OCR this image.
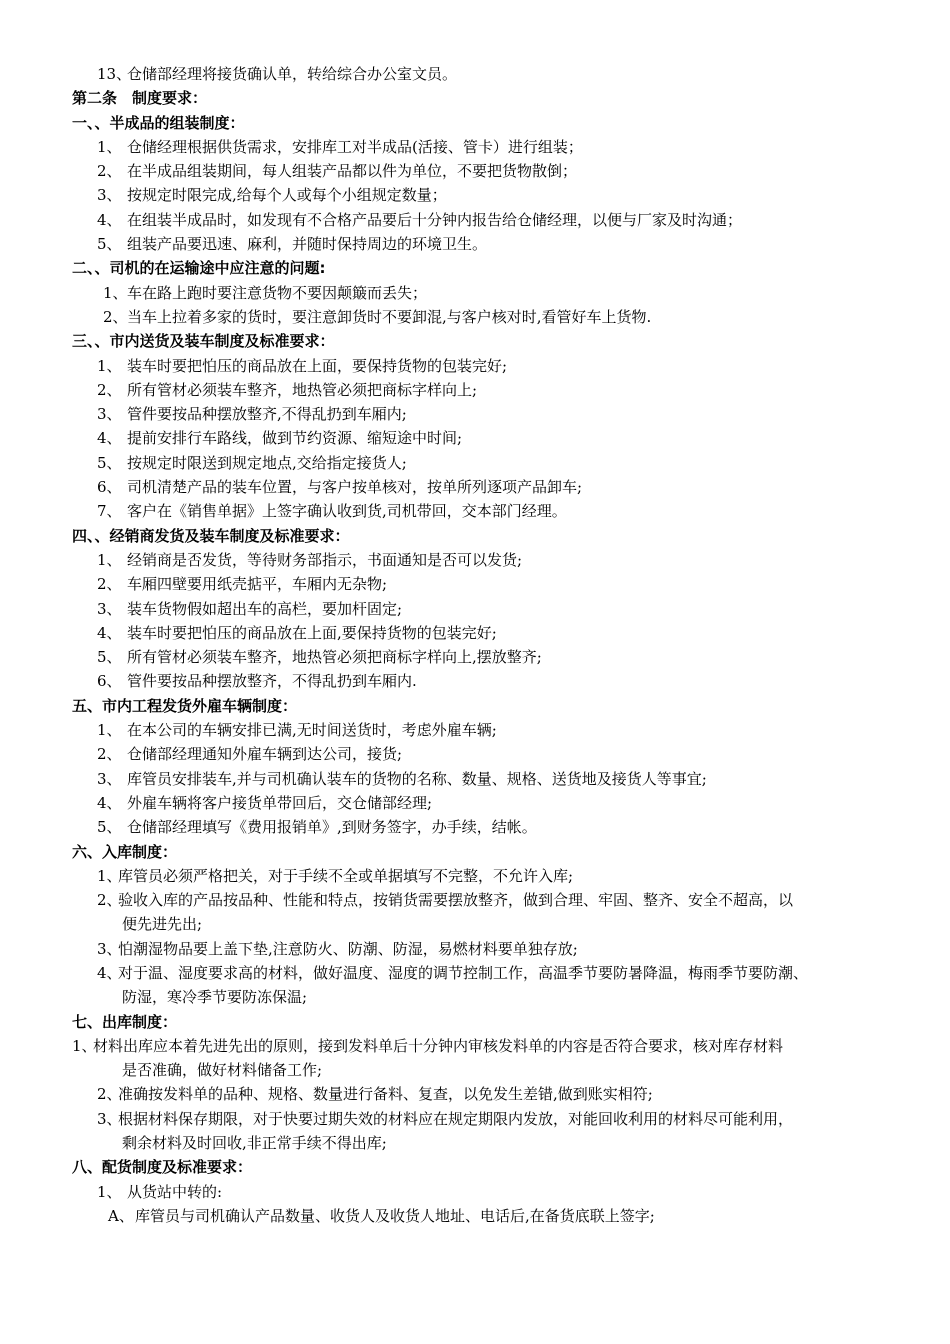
13、
仓储部经理将接货确认单，转给综合办公室文员。
第二条　制度要求：
一、、半成品的组装制度：
1、 仓储经理根据供货需求，安排库工对半成品(活接、管卡）进行组装；
2、 在半成品组装期间，每人组装产品都以件为单位，不要把货物散倒；
3、 按规定时限完成,给每个人或每个小组规定数量；
4、 在组装半成品时，如发现有不合格产品要后十分钟内报告给仓储经理，以便与厂家及时沟通；
5、 组装产品要迅速、麻利，并随时保持周边的环境卫生。
二、、司机的在运输途中应注意的问题:
1、 车在路上跑时要注意货物不要因颠簸而丢失；
2、 当车上拉着多家的货时，要注意卸货时不要卸混,与客户核对时,看管好车上货物.
三、、市内送货及装车制度及标准要求：
1、 装车时要把怕压的商品放在上面，要保持货物的包装完好;
2、 所有管材必须装车整齐，地热管必须把商标字样向上;
3、 管件要按品种摆放整齐,不得乱扔到车厢内;
4、 提前安排行车路线，做到节约资源、缩短途中时间;
5、 按规定时限送到规定地点,交给指定接货人;
6、 司机清楚产品的装车位置，与客户按单核对，按单所列逐项产品卸车;
7、 客户在《销售单据》上签字确认收到货,司机带回，交本部门经理。
四、、经销商发货及装车制度及标准要求：
1、 经销商是否发货，等待财务部指示，书面通知是否可以发货;
2、 车厢四壁要用纸壳掂平，车厢内无杂物;
3、 装车货物假如超出车的高栏，要加杆固定;
4、 装车时要把怕压的商品放在上面,要保持货物的包装完好;
5、 所有管材必须装车整齐，地热管必须把商标字样向上,摆放整齐;
6、 管件要按品种摆放整齐，不得乱扔到车厢内.
五、市内工程发货外雇车辆制度：
1、 在本公司的车辆安排已满,无时间送货时，考虑外雇车辆;
2、 仓储部经理通知外雇车辆到达公司，接货;
3、 库管员安排装车,并与司机确认装车的货物的名称、数量、规格、送货地及接货人等事宜;
4、 外雇车辆将客户接货单带回后，交仓储部经理;
5、 仓储部经理填写《费用报销单》,到财务签字，办手续，结帐。
六、入库制度：
1、
库管员必须严格把关，对于手续不全或单据填写不完整，不允许入库;
2、
验收入库的产品按品种、性能和特点，按销货需要摆放整齐，做到合理、牢固、整齐、安全不超高，以
便先进先出;
3、
怕潮湿物品要上盖下垫,注意防火、防潮、防湿，易燃材料要单独存放;
4、
对于温、湿度要求高的材料，做好温度、湿度的调节控制工作，高温季节要防暑降温，梅雨季节要防潮、
防湿，寒冷季节要防冻保温;
七、出库制度：
1、
材料出库应本着先进先出的原则，接到发料单后十分钟内审核发料单的内容是否符合要求，核对库存材料
是否准确，做好材料储备工作;
2、
准确按发料单的品种、规格、数量进行备料、复查，以免发生差错,做到账实相符;
3、
根据材料保存期限，对于快要过期失效的材料应在规定期限内发放，对能回收利用的材料尽可能利用，
剩余材料及时回收,非正常手续不得出库;
八、配货制度及标准要求：
1、 从货站中转的:
A、 库管员与司机确认产品数量、收货人及收货人地址、电话后,在备货底联上签字;
